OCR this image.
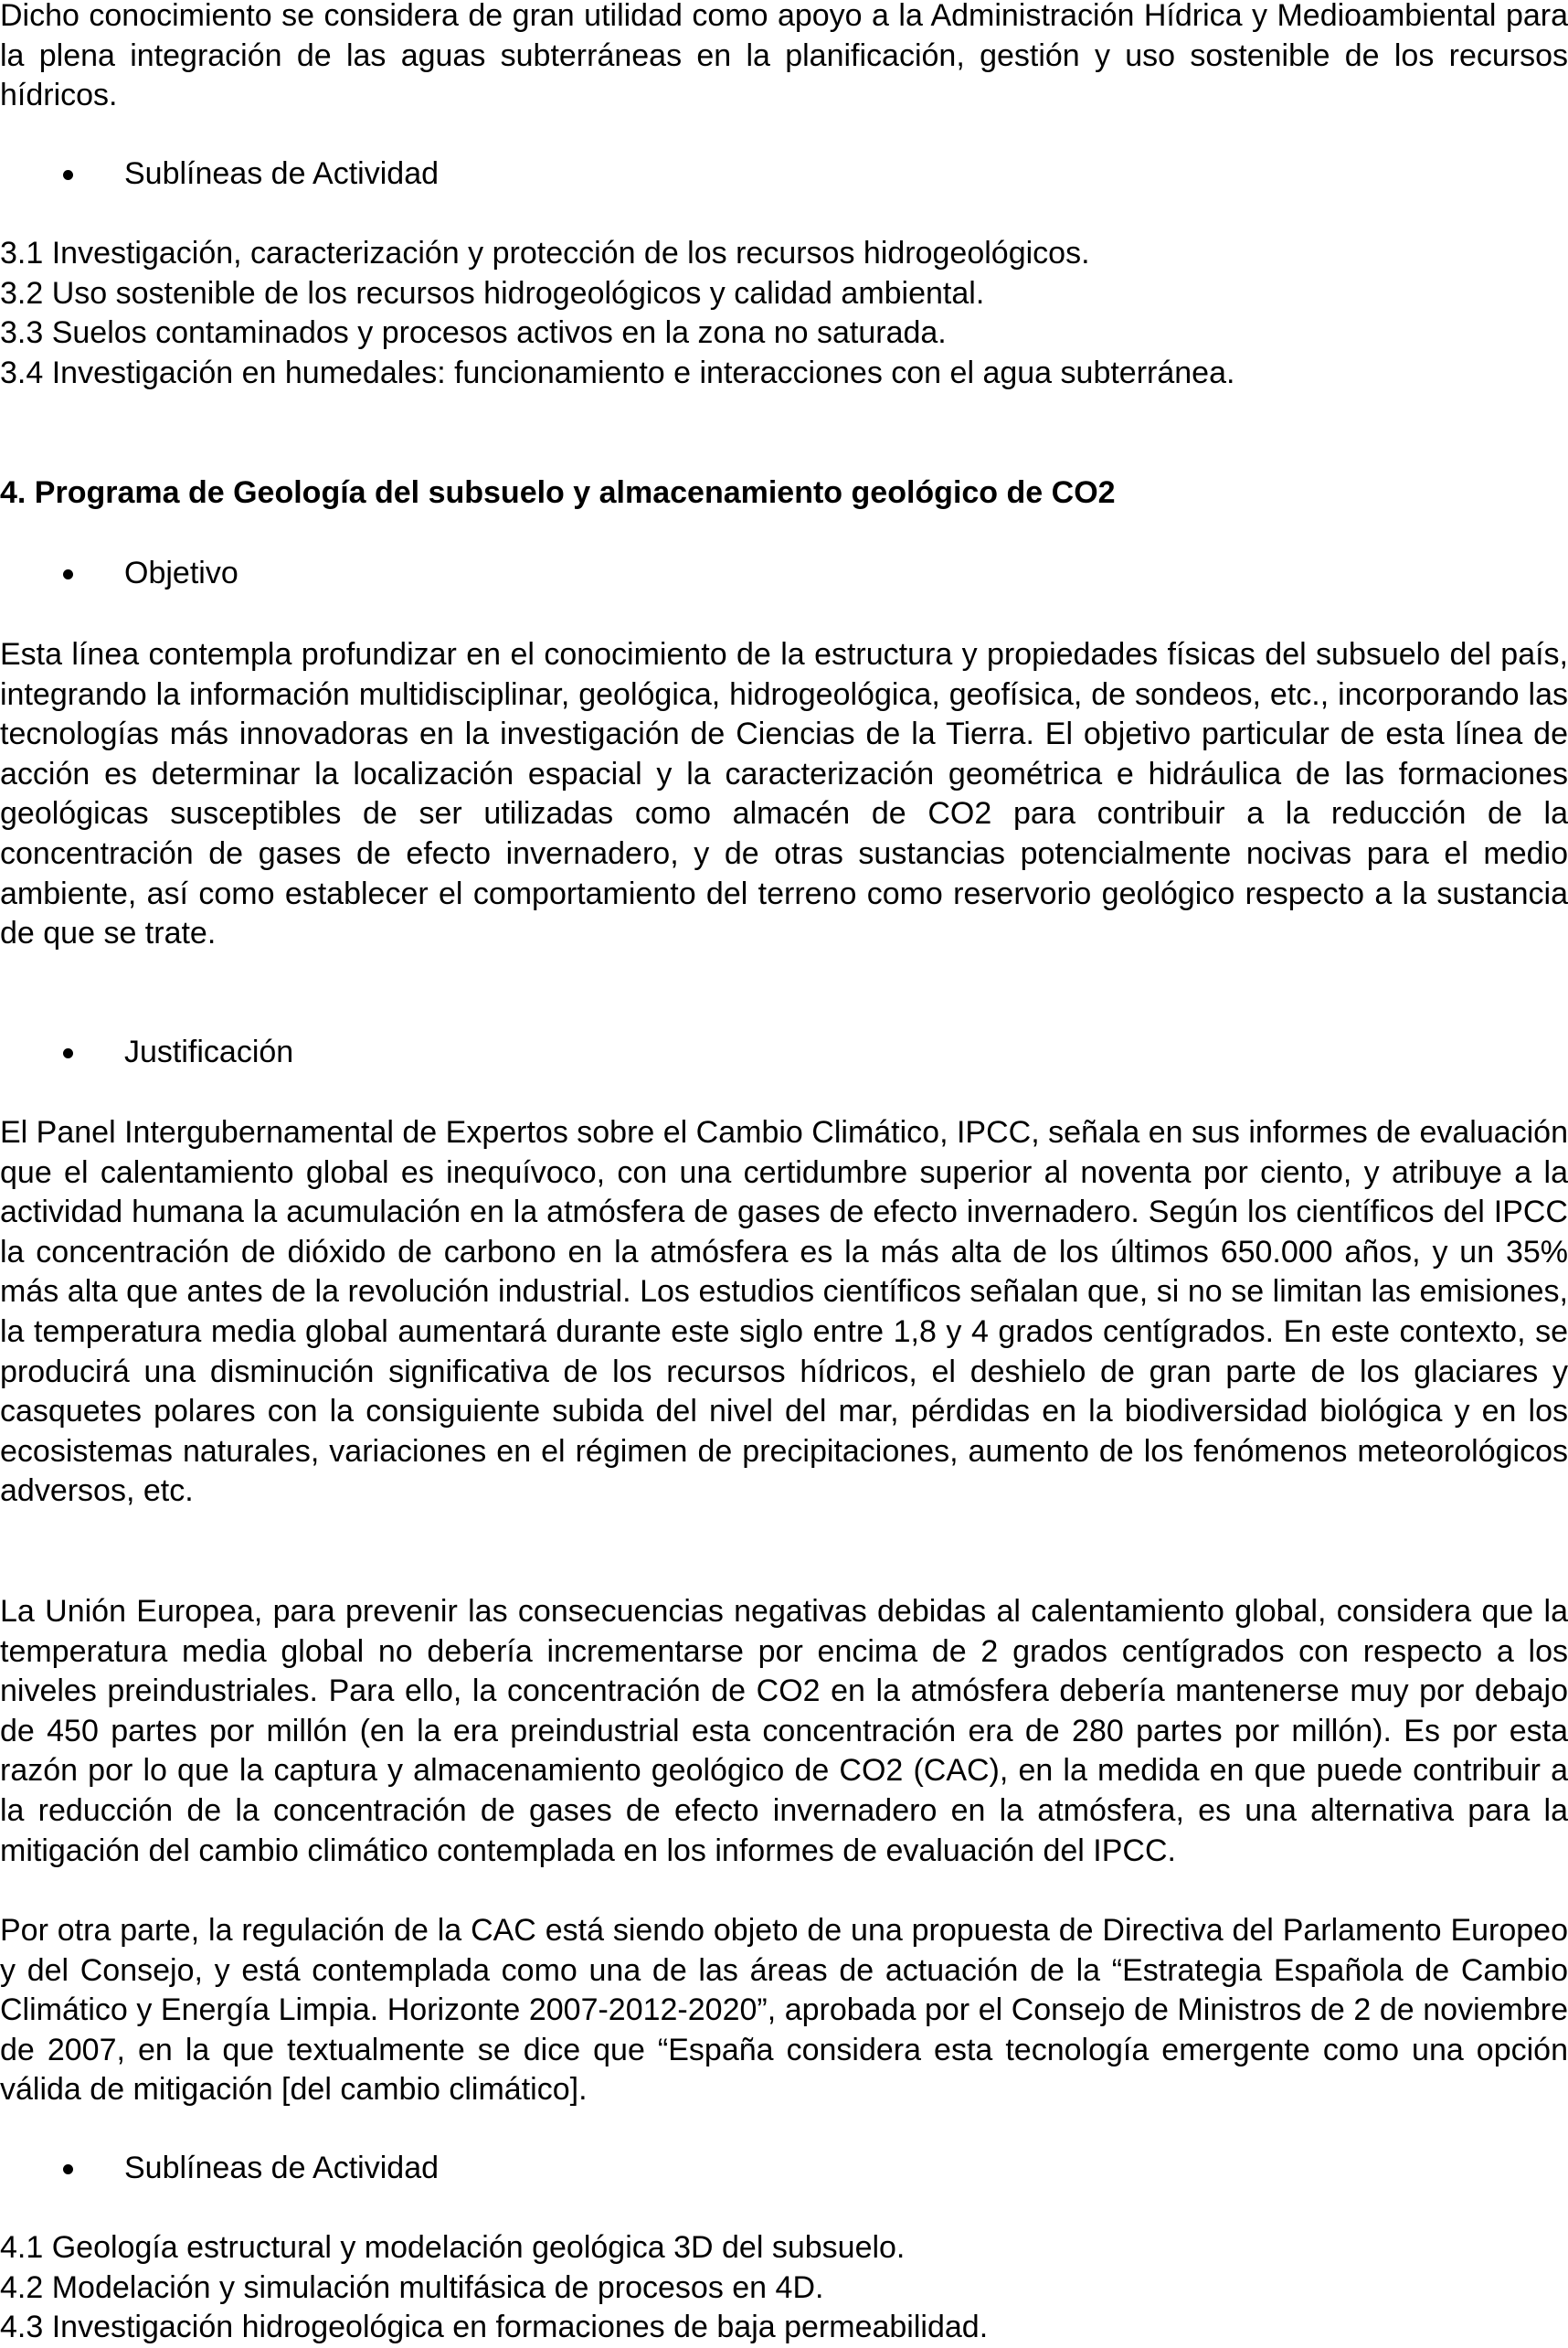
Dicho conocimiento se considera de gran utilidad como apoyo a la Administración Hídrica y Medioambiental para la plena integración de las aguas subterráneas en la planificación, gestión y uso sostenible de los recursos hídricos.

Sublíneas de Actividad
3.1 Investigación, caracterización y protección de los recursos hidrogeológicos.
3.2 Uso sostenible de los recursos hidrogeológicos y calidad ambiental.
3.3 Suelos contaminados y procesos activos en la zona no saturada.
3.4 Investigación en humedales: funcionamiento e interacciones con el agua subterránea.
4. Programa de Geología del subsuelo y almacenamiento geológico de CO2
Objetivo

Esta línea contempla profundizar en el conocimiento de la estructura y propiedades físicas del subsuelo del país, integrando la información multidisciplinar, geológica, hidrogeológica, geofísica, de sondeos, etc., incorporando las tecnologías más innovadoras en la investigación de Ciencias de la Tierra. El objetivo particular de esta línea de acción es determinar la localización espacial y la caracterización geométrica e hidráulica de las formaciones geológicas susceptibles de ser utilizadas como almacén de CO2 para contribuir a la reducción de la concentración de gases de efecto invernadero, y de otras sustancias potencialmente nocivas para el medio ambiente, así como establecer el comportamiento del terreno como reservorio geológico respecto a la sustancia de que se trate.

Justificación

El Panel Intergubernamental de Expertos sobre el Cambio Climático, IPCC, señala en sus informes de evaluación que el calentamiento global es inequívoco, con una certidumbre superior al noventa por ciento, y atribuye a la actividad humana la acumulación en la atmósfera de gases de efecto invernadero. Según los científicos del IPCC la concentración de dióxido de carbono en la atmósfera es la más alta de los últimos 650.000 años, y un 35% más alta que antes de la revolución industrial. Los estudios científicos señalan que, si no se limitan las emisiones, la temperatura media global aumentará durante este siglo entre 1,8 y 4 grados centígrados. En este contexto, se producirá una disminución significativa de los recursos hídricos, el deshielo de gran parte de los glaciares y casquetes polares con la consiguiente subida del nivel del mar, pérdidas en la biodiversidad biológica y en los ecosistemas naturales, variaciones en el régimen de precipitaciones, aumento de los fenómenos meteorológicos adversos, etc.

La Unión Europea, para prevenir las consecuencias negativas debidas al calentamiento global, considera que la temperatura media global no debería incrementarse por encima de 2 grados centígrados con respecto a los niveles preindustriales. Para ello, la concentración de CO2 en la atmósfera debería mantenerse muy por debajo de 450 partes por millón (en la era preindustrial esta concentración era de 280 partes por millón). Es por esta razón por lo que la captura y almacenamiento geológico de CO2 (CAC), en la medida en que puede contribuir a la reducción de la concentración de gases de efecto invernadero en la atmósfera, es una alternativa para la mitigación del cambio climático contemplada en los informes de evaluación del IPCC.

Por otra parte, la regulación de la CAC está siendo objeto de una propuesta de Directiva del Parlamento Europeo y del Consejo, y está contemplada como una de las áreas de actuación de la “Estrategia Española de Cambio Climático y Energía Limpia. Horizonte 2007-2012-2020”, aprobada por el Consejo de Ministros de 2 de noviembre de 2007, en la que textualmente se dice que “España considera esta tecnología emergente como una opción válida de mitigación [del cambio climático].

Sublíneas de Actividad
4.1 Geología estructural y modelación geológica 3D del subsuelo.
4.2 Modelación y simulación multifásica de procesos en 4D.
4.3 Investigación hidrogeológica en formaciones de baja permeabilidad.
